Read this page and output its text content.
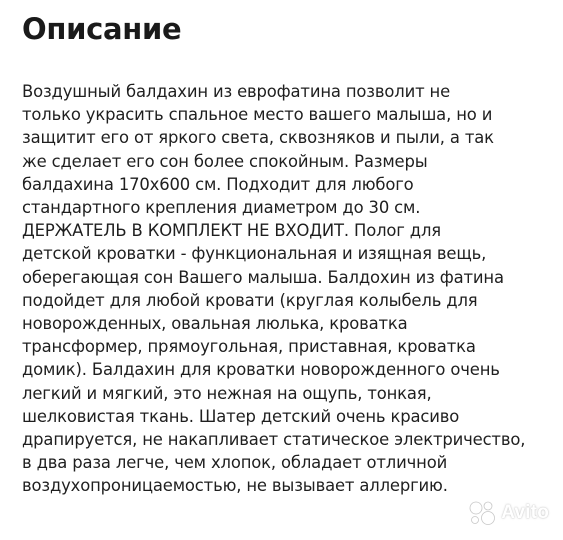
Описание
Воздушный балдахин из еврофатина позволит не
только украсить спальное место вашего малыша, но и
защитит его от яркого света, сквозняков и пыли, а так
же сделает его сон более спокойным. Размеры
балдахина 170х600 см. Подходит для любого
стандартного крепления диаметром до 30 см.
ДЕРЖАТЕЛЬ В КОМПЛЕКТ НЕ ВХОДИТ. Полог для
детской кроватки - функциональная и изящная вещь,
оберегающая сон Вашего малыша. Балдохин из фатина
подойдет для любой кровати (круглая колыбель для
новорожденных, овальная люлька, кроватка
трансформер, прямоугольная, приставная, кроватка
домик). Балдахин для кроватки новорожденного очень
легкий и мягкий, это нежная на ощупь, тонкая,
шелковистая ткань. Шатер детский очень красиво
драпируется, не накапливает статическое электричество,
в два раза легче, чем хлопок, обладает отличной
воздухопроницаемостью, не вызывает аллергию.
Avito
